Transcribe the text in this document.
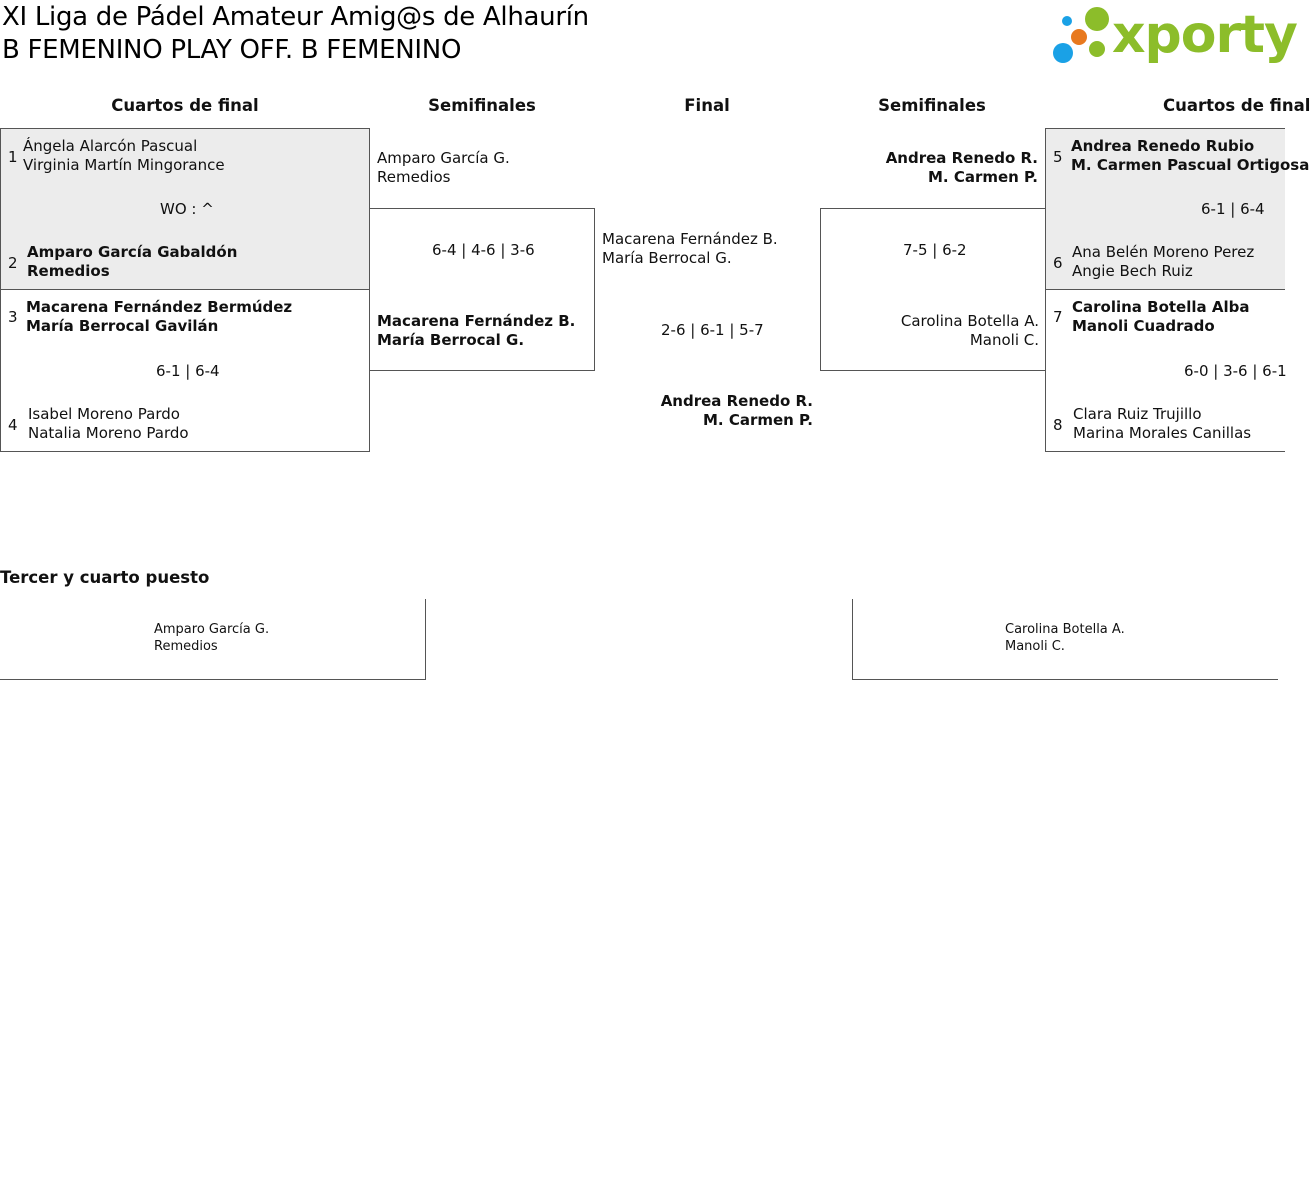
XI Liga de Pádel Amateur Amig@s de Alhaurín
B FEMENINO PLAY OFF. B FEMENINO	xporty
Cuartos de final	Semifinales	Final	Semifinales	Cuartos de final
1
Ángela Alarcón Pascual
Virginia Martín Mingorance
WO : ^
2
Amparo García Gabaldón
Remedios
3
Macarena Fernández Bermúdez
María Berrocal Gavilán
6-1 | 6-4
4
Isabel Moreno Pardo
Natalia Moreno Pardo
Amparo García G.
Remedios
6-4 | 4-6 | 3-6
Macarena Fernández B.
María Berrocal G.
Macarena Fernández B.
María Berrocal G.
2-6 | 6-1 | 5-7
Andrea Renedo R.
M. Carmen P.
Andrea Renedo R.
M. Carmen P.
7-5 | 6-2
Carolina Botella A.
Manoli C.
5
Andrea Renedo Rubio
M. Carmen Pascual Ortigosa
6-1 | 6-4
6
Ana Belén Moreno Perez
Angie Bech Ruiz
7
Carolina Botella Alba
Manoli Cuadrado
6-0 | 3-6 | 6-1
8
Clara Ruiz Trujillo
Marina Morales Canillas
Tercer y cuarto puesto
Amparo García G.
Remedios
Carolina Botella A.
Manoli C.
